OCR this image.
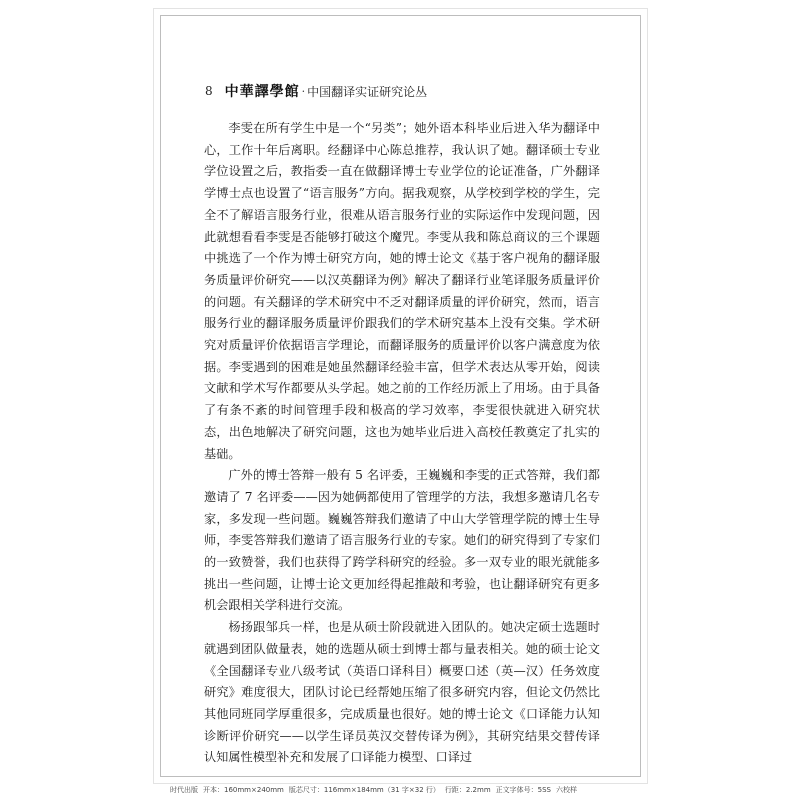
8 中華譯學館 · 中国翻译实证研究论丛

李雯在所有学生中是一个“另类”；她外语本科毕业后进入华为翻译中心，工作十年后离职。经翻译中心陈总推荐，我认识了她。翻译硕士专业学位设置之后，教指委一直在做翻译博士专业学位的论证准备，广外翻译学博士点也设置了“语言服务”方向。据我观察，从学校到学校的学生，完全不了解语言服务行业，很难从语言服务行业的实际运作中发现问题，因此就想看看李雯是否能够打破这个魔咒。李雯从我和陈总商议的三个课题中挑选了一个作为博士研究方向，她的博士论文《基于客户视角的翻译服务质量评价研究——以汉英翻译为例》解决了翻译行业笔译服务质量评价的问题。有关翻译的学术研究中不乏对翻译质量的评价研究，然而，语言服务行业的翻译服务质量评价跟我们的学术研究基本上没有交集。学术研究对质量评价依据语言学理论，而翻译服务的质量评价以客户满意度为依据。李雯遇到的困难是她虽然翻译经验丰富，但学术表达从零开始，阅读文献和学术写作都要从头学起。她之前的工作经历派上了用场。由于具备了有条不紊的时间管理手段和极高的学习效率，李雯很快就进入研究状态，出色地解决了研究问题，这也为她毕业后进入高校任教奠定了扎实的基础。

广外的博士答辩一般有 5 名评委，王巍巍和李雯的正式答辩，我们都邀请了 7 名评委——因为她俩都使用了管理学的方法，我想多邀请几名专家，多发现一些问题。巍巍答辩我们邀请了中山大学管理学院的博士生导师，李雯答辩我们邀请了语言服务行业的专家。她们的研究得到了专家们的一致赞誉，我们也获得了跨学科研究的经验。多一双专业的眼光就能多挑出一些问题，让博士论文更加经得起推敲和考验，也让翻译研究有更多机会跟相关学科进行交流。

杨扬跟邹兵一样，也是从硕士阶段就进入团队的。她决定硕士选题时就遇到团队做量表，她的选题从硕士到博士都与量表相关。她的硕士论文《全国翻译专业八级考试（英语口译科目）概要口述（英—汉）任务效度研究》难度很大，团队讨论已经帮她压缩了很多研究内容，但论文仍然比其他同班同学厚重很多，完成质量也很好。她的博士论文《口译能力认知诊断评价研究——以学生译员英汉交替传译为例》，其研究结果交替传译认知属性模型补充和发展了口译能力模型、口译过

时代出版 开本：160mm×240mm 版芯尺寸：116mm×184mm（31 字×32 行） 行距：2.2mm 正文字体号：5SS 六校样
